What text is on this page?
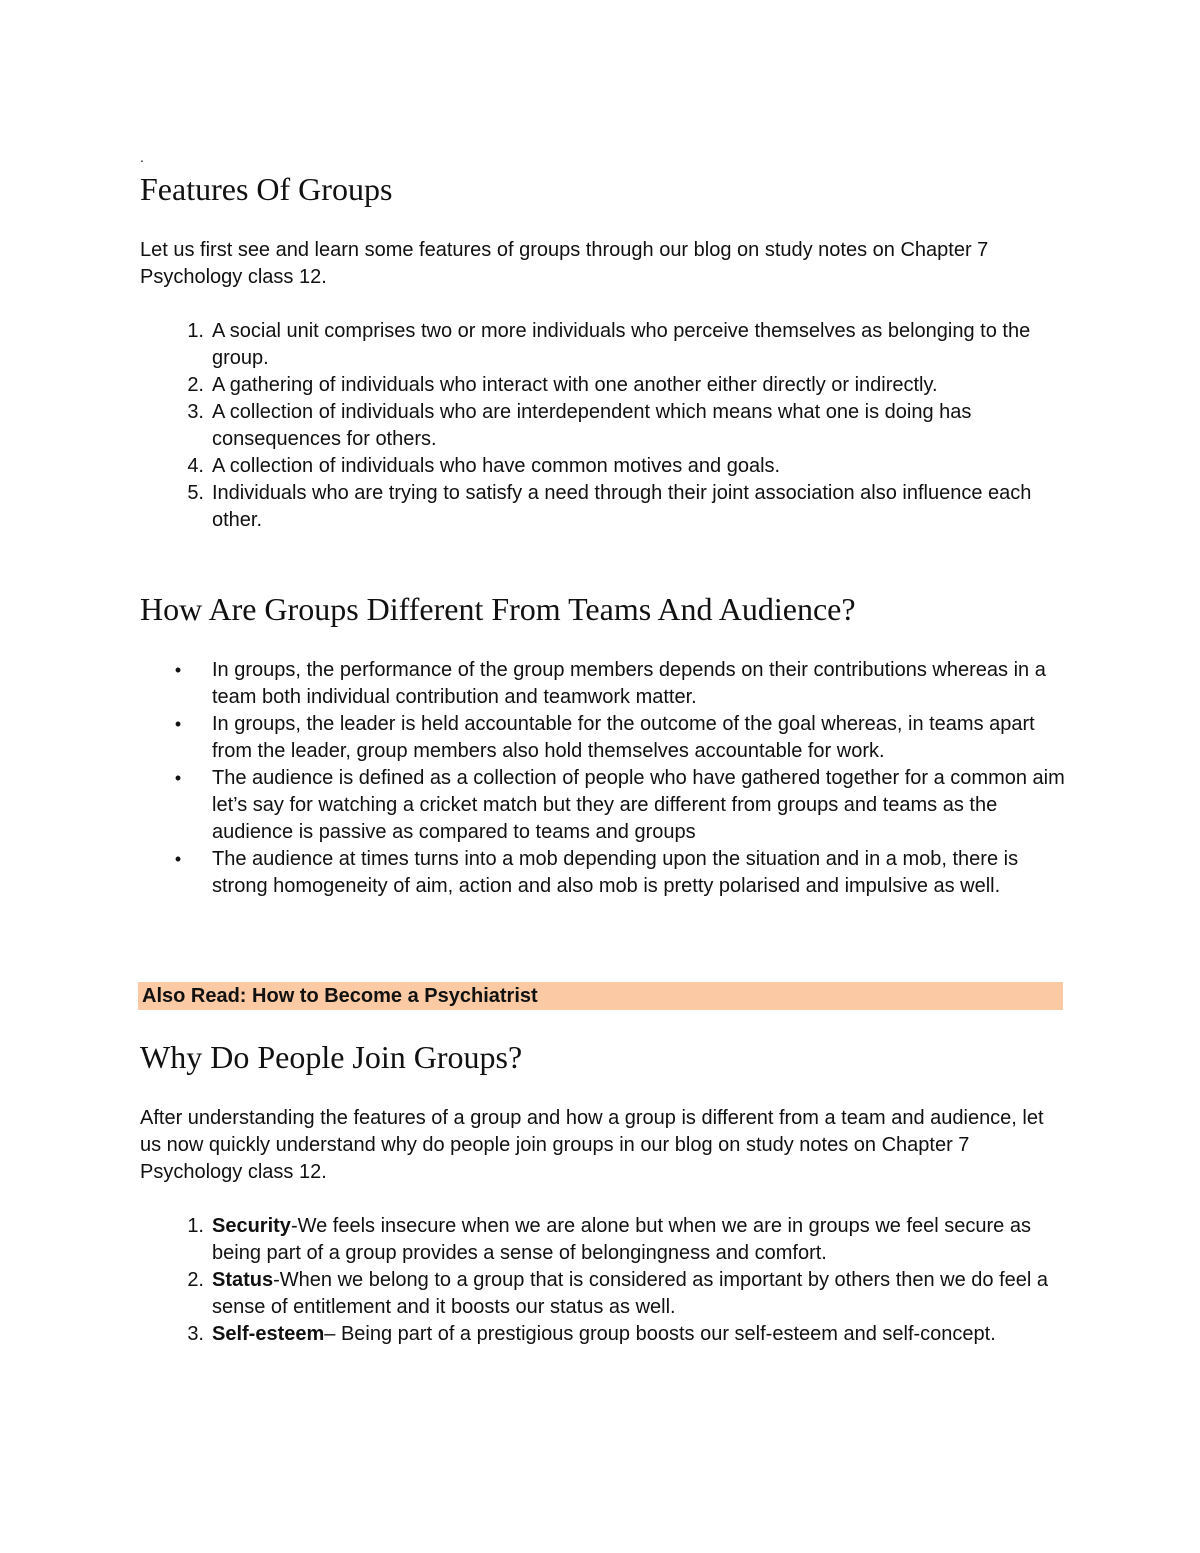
.
Features Of Groups

Let us first see and learn some features of groups through our blog on study notes on Chapter 7 Psychology class 12.

1. A social unit comprises two or more individuals who perceive themselves as belonging to the group.
2. A gathering of individuals who interact with one another either directly or indirectly.
3. A collection of individuals who are interdependent which means what one is doing has consequences for others.
4. A collection of individuals who have common motives and goals.
5. Individuals who are trying to satisfy a need through their joint association also influence each other.
How Are Groups Different From Teams And Audience?
• In groups, the performance of the group members depends on their contributions whereas in a team both individual contribution and teamwork matter.
• In groups, the leader is held accountable for the outcome of the goal whereas, in teams apart from the leader, group members also hold themselves accountable for work.
• The audience is defined as a collection of people who have gathered together for a common aim let’s say for watching a cricket match but they are different from groups and teams as the audience is passive as compared to teams and groups
• The audience at times turns into a mob depending upon the situation and in a mob, there is strong homogeneity of aim, action and also mob is pretty polarised and impulsive as well.
Also Read: How to Become a Psychiatrist
Why Do People Join Groups?

After understanding the features of a group and how a group is different from a team and audience, let us now quickly understand why do people join groups in our blog on study notes on Chapter 7 Psychology class 12.

1. Security-We feels insecure when we are alone but when we are in groups we feel secure as being part of a group provides a sense of belongingness and comfort.
2. Status-When we belong to a group that is considered as important by others then we do feel a sense of entitlement and it boosts our status as well.
3. Self-esteem– Being part of a prestigious group boosts our self-esteem and self-concept.
